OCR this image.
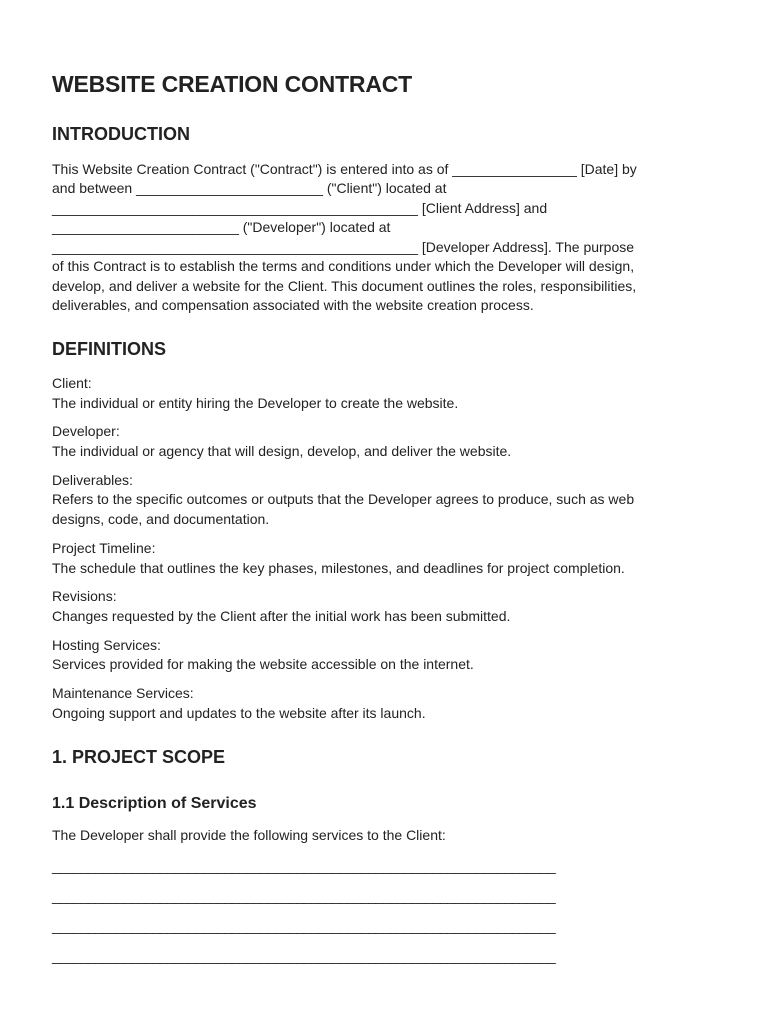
WEBSITE CREATION CONTRACT
INTRODUCTION

This Website Creation Contract ("Contract") is entered into as of ________________ [Date] by

and between ________________________ ("Client") located at

_______________________________________________ [Client Address] and

________________________ ("Developer") located at

_______________________________________________ [Developer Address]. The purpose

of this Contract is to establish the terms and conditions under which the Developer will design,

develop, and deliver a website for the Client. This document outlines the roles, responsibilities,

deliverables, and compensation associated with the website creation process.

DEFINITIONS

Client:

The individual or entity hiring the Developer to create the website.

Developer:

The individual or agency that will design, develop, and deliver the website.

Deliverables:

Refers to the specific outcomes or outputs that the Developer agrees to produce, such as web

designs, code, and documentation.

Project Timeline:

The schedule that outlines the key phases, milestones, and deadlines for project completion.

Revisions:

Changes requested by the Client after the initial work has been submitted.

Hosting Services:

Services provided for making the website accessible on the internet.

Maintenance Services:

Ongoing support and updates to the website after its launch.

1. PROJECT SCOPE
1.1 Description of Services

The Developer shall provide the following services to the Client:

______________________________________________________________________

______________________________________________________________________

______________________________________________________________________

______________________________________________________________________
